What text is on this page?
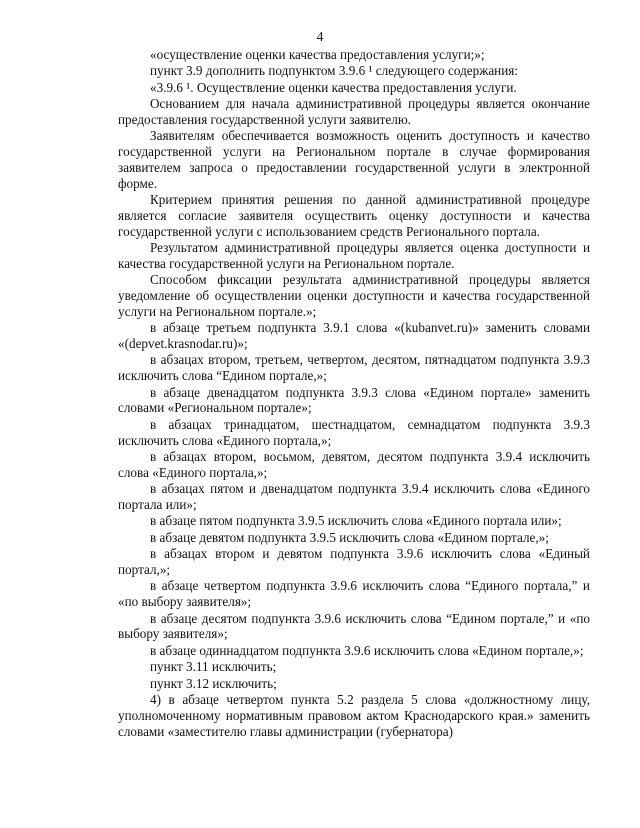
4

«осуществление оценки качества предоставления услуги;»;

пункт 3.9 дополнить подпунктом 3.9.6 ¹ следующего содержания:

«3.9.6 ¹. Осуществление оценки качества предоставления услуги.

Основанием для начала административной процедуры является окончание предоставления государственной услуги заявителю.

Заявителям обеспечивается возможность оценить доступность и качество государственной услуги на Региональном портале в случае формирования заявителем запроса о предоставлении государственной услуги в электронной форме.

Критерием принятия решения по данной административной процедуре является согласие заявителя осуществить оценку доступности и качества государственной услуги с использованием средств Регионального портала.

Результатом административной процедуры является оценка доступности и качества государственной услуги на Региональном портале.

Способом фиксации результата административной процедуры является уведомление об осуществлении оценки доступности и качества государственной услуги на Региональном портале.»;

в абзаце третьем подпункта 3.9.1 слова «(kubanvet.ru)» заменить словами «(depvet.krasnodar.ru)»;

в абзацах втором, третьем, четвертом, десятом, пятнадцатом подпункта 3.9.3 исключить слова “Едином портале,»;

в абзаце двенадцатом подпункта 3.9.3 слова «Едином портале» заменить словами «Региональном портале»;

в абзацах тринадцатом, шестнадцатом, семнадцатом подпункта 3.9.3 исключить слова «Единого портала,»;

в абзацах втором, восьмом, девятом, десятом подпункта 3.9.4 исключить слова «Единого портала,»;

в абзацах пятом и двенадцатом подпункта 3.9.4 исключить слова «Единого портала или»;

в абзаце пятом подпункта 3.9.5 исключить слова «Единого портала или»;

в абзаце девятом подпункта 3.9.5 исключить слова «Едином портале,»;

в абзацах втором и девятом подпункта 3.9.6 исключить слова «Единый портал,»;

в абзаце четвертом подпункта 3.9.6 исключить слова “Единого портала,” и «по выбору заявителя»;

в абзаце десятом подпункта 3.9.6 исключить слова “Едином портале,” и «по выбору заявителя»;

в абзаце одиннадцатом подпункта 3.9.6 исключить слова «Едином портале,»;

пункт 3.11 исключить;

пункт 3.12 исключить;

4) в абзаце четвертом пункта 5.2 раздела 5 слова «должностному лицу, уполномоченному нормативным правовом актом Краснодарского края.» заменить словами «заместителю главы администрации (губернатора)
